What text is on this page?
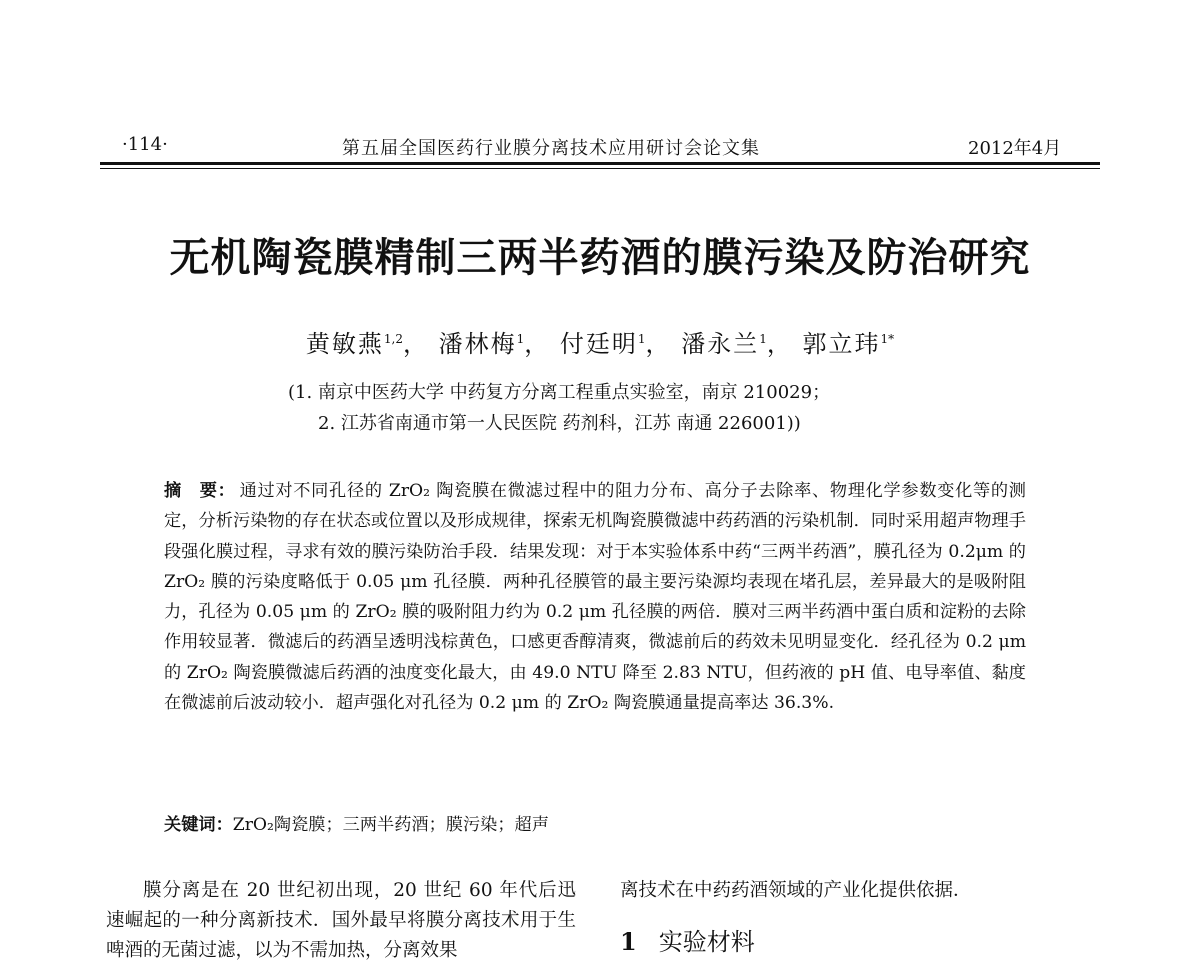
·114·	第五届全国医药行业膜分离技术应用研讨会论文集	2012年4月
无机陶瓷膜精制三两半药酒的膜污染及防治研究
黄敏燕$^{1,2}$， 潘林梅$^1$， 付廷明$^1$， 潘永兰$^1$， 郭立玮$^{1*}$
(1. 南京中医药大学 中药复方分离工程重点实验室，南京 210029；
2. 江苏省南通市第一人民医院 药剂科，江苏 南通 226001))
摘　要： 通过对不同孔径的 ZrO₂ 陶瓷膜在微滤过程中的阻力分布、高分子去除率、物理化学参数变化等的测定，分析污染物的存在状态或位置以及形成规律，探索无机陶瓷膜微滤中药药酒的污染机制．同时采用超声物理手段强化膜过程，寻求有效的膜污染防治手段．结果发现：对于本实验体系中药“三两半药酒”，膜孔径为 0.2μm 的 ZrO₂ 膜的污染度略低于 0.05 μm 孔径膜．两种孔径膜管的最主要污染源均表现在堵孔层，差异最大的是吸附阻力，孔径为 0.05 μm 的 ZrO₂ 膜的吸附阻力约为 0.2 μm 孔径膜的两倍．膜对三两半药酒中蛋白质和淀粉的去除作用较显著．微滤后的药酒呈透明浅棕黄色，口感更香醇清爽，微滤前后的药效未见明显变化．经孔径为 0.2 μm 的 ZrO₂ 陶瓷膜微滤后药酒的浊度变化最大，由 49.0 NTU 降至 2.83 NTU，但药液的 pH 值、电导率值、黏度在微滤前后波动较小．超声强化对孔径为 0.2 μm 的 ZrO₂ 陶瓷膜通量提高率达 36.3%.
关键词：ZrO₂陶瓷膜；三两半药酒；膜污染；超声
膜分离是在 20 世纪初出现，20 世纪 60 年代后迅速崛起的一种分离新技术．国外最早将膜分离技术用于生啤酒的无菌过滤，以为不需加热，分离效果
离技术在中药药酒领域的产业化提供依据．
1 实验材料
